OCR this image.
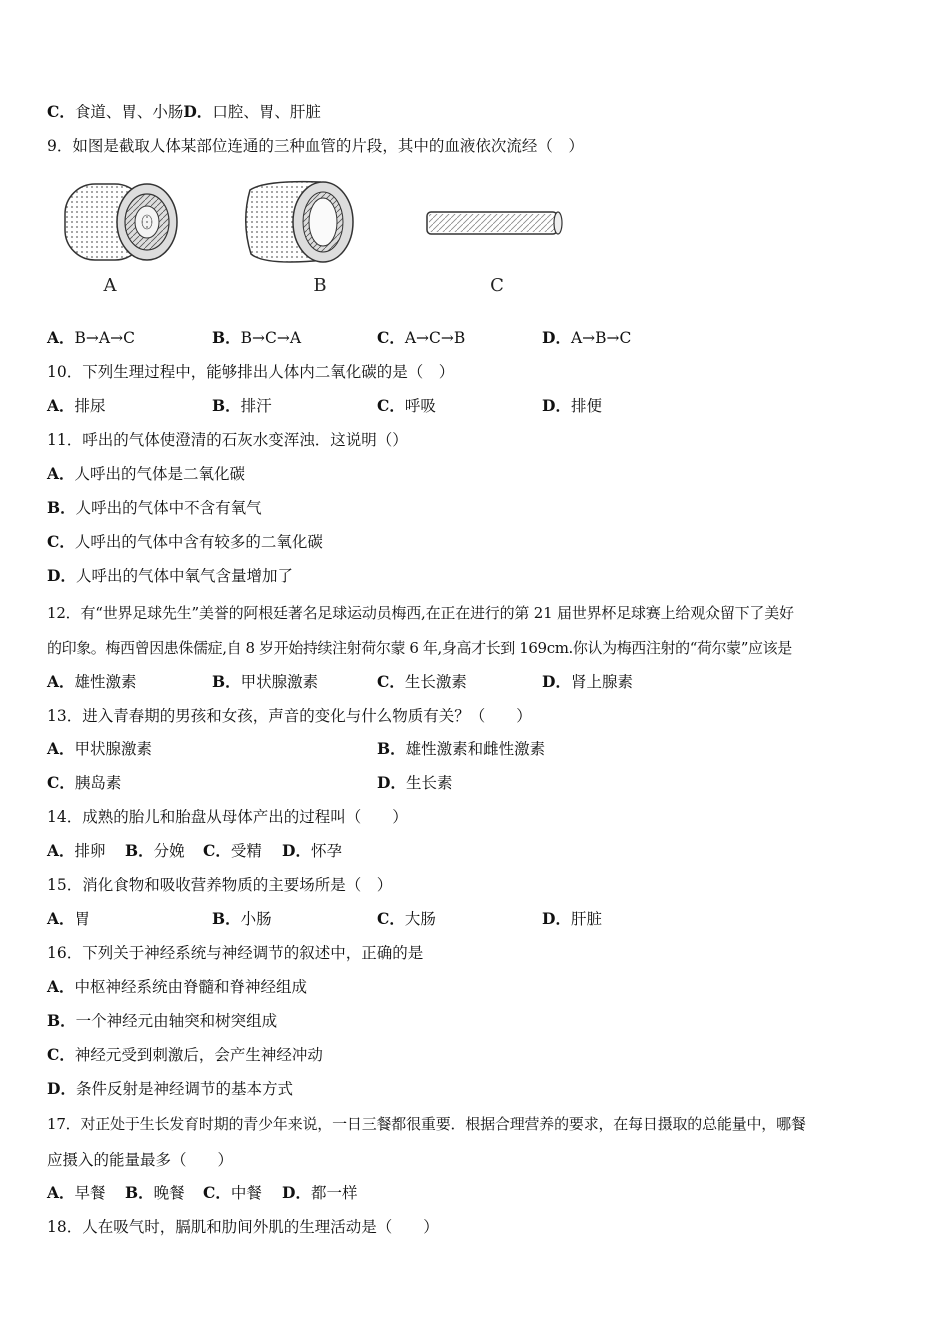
C．食道、胃、小肠D．口腔、胃、肝脏
9．如图是截取人体某部位连通的三种血管的片段，其中的血液依次流经（　）
A	B	C
A．B→A→C	B．B→C→A	C．A→C→B	D．A→B→C
10．下列生理过程中，能够排出人体内二氧化碳的是（　）
A．排尿	B．排汗	C．呼吸	D．排便
11．呼出的气体使澄清的石灰水变浑浊．这说明（）
A．人呼出的气体是二氧化碳
B．人呼出的气体中不含有氧气
C．人呼出的气体中含有较多的二氧化碳
D．人呼出的气体中氧气含量增加了
12．有“世界足球先生”美誉的阿根廷著名足球运动员梅西,在正在进行的第 21 届世界杯足球赛上给观众留下了美好
的印象。梅西曾因患侏儒症,自 8 岁开始持续注射荷尔蒙 6 年,身高才长到 169cm.你认为梅西注射的“荷尔蒙”应该是
A．雄性激素	B．甲状腺激素	C．生长激素	D．肾上腺素
13．进入青春期的男孩和女孩，声音的变化与什么物质有关？（　　）
A．甲状腺激素	B．雄性激素和雌性激素
C．胰岛素	D．生长素
14．成熟的胎儿和胎盘从母体产出的过程叫（　　）
A．排卵 B．分娩 C．受精 D．怀孕
15．消化食物和吸收营养物质的主要场所是（　）
A．胃	B．小肠	C．大肠	D．肝脏
16．下列关于神经系统与神经调节的叙述中，正确的是
A．中枢神经系统由脊髓和脊神经组成
B．一个神经元由轴突和树突组成
C．神经元受到刺激后，会产生神经冲动
D．条件反射是神经调节的基本方式
17．对正处于生长发育时期的青少年来说，一日三餐都很重要．根据合理营养的要求，在每日摄取的总能量中，哪餐
应摄入的能量最多（　　）
A．早餐 B．晚餐 C．中餐 D．都一样
18．人在吸气时，膈肌和肋间外肌的生理活动是（　　）
